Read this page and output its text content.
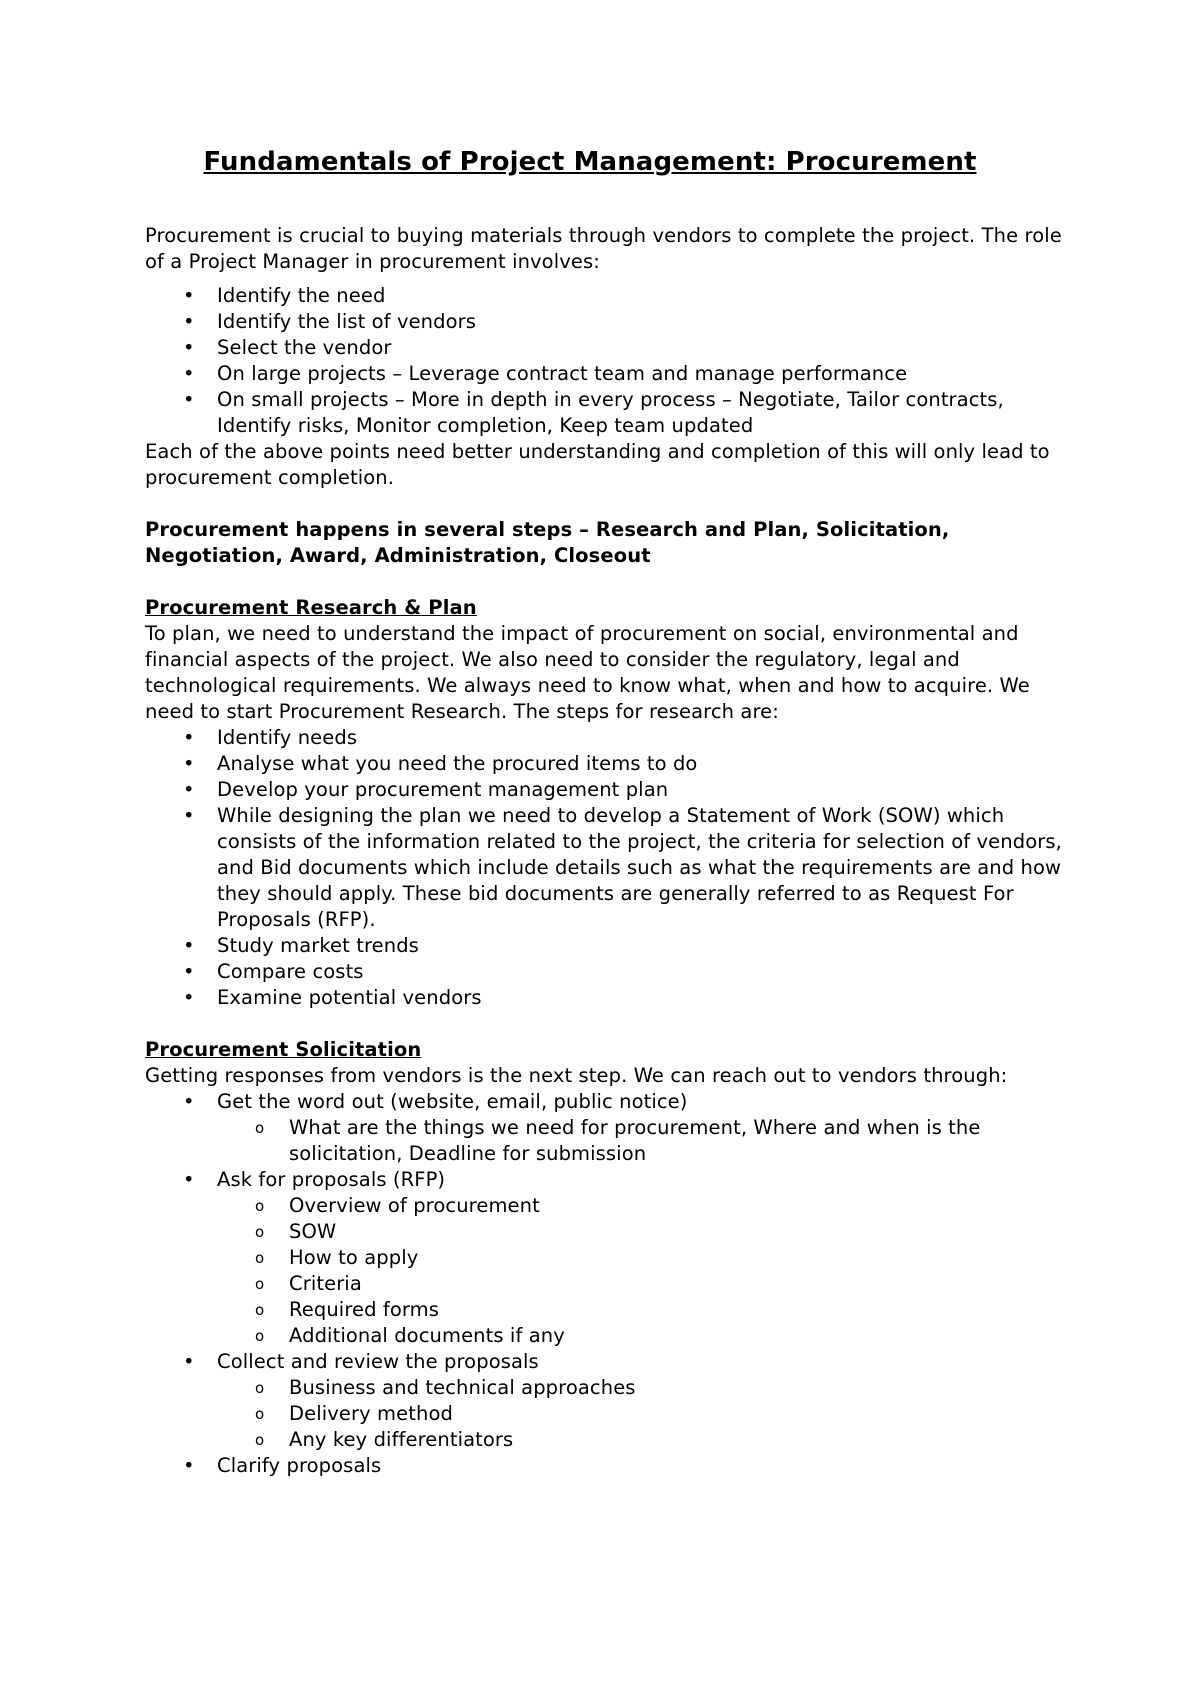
Fundamentals of Project Management: Procurement

Procurement is crucial to buying materials through vendors to complete the project. The role of a Project Manager in procurement involves:

• Identify the need
• Identify the list of vendors
• Select the vendor
• On large projects – Leverage contract team and manage performance
• On small projects – More in depth in every process – Negotiate, Tailor contracts, Identify risks, Monitor completion, Keep team updated

Each of the above points need better understanding and completion of this will only lead to procurement completion.

Procurement happens in several steps – Research and Plan, Solicitation, Negotiation, Award, Administration, Closeout

Procurement Research & Plan

To plan, we need to understand the impact of procurement on social, environmental and financial aspects of the project. We also need to consider the regulatory, legal and technological requirements. We always need to know what, when and how to acquire. We need to start Procurement Research. The steps for research are:

• Identify needs
• Analyse what you need the procured items to do
• Develop your procurement management plan
• While designing the plan we need to develop a Statement of Work (SOW) which consists of the information related to the project, the criteria for selection of vendors, and Bid documents which include details such as what the requirements are and how they should apply. These bid documents are generally referred to as Request For Proposals (RFP).
• Study market trends
• Compare costs
• Examine potential vendors

Procurement Solicitation

Getting responses from vendors is the next step. We can reach out to vendors through:

• Get the word out (website, email, public notice)
o What are the things we need for procurement, Where and when is the solicitation, Deadline for submission
• Ask for proposals (RFP)
o Overview of procurement
o SOW
o How to apply
o Criteria
o Required forms
o Additional documents if any
• Collect and review the proposals
o Business and technical approaches
o Delivery method
o Any key differentiators
• Clarify proposals
